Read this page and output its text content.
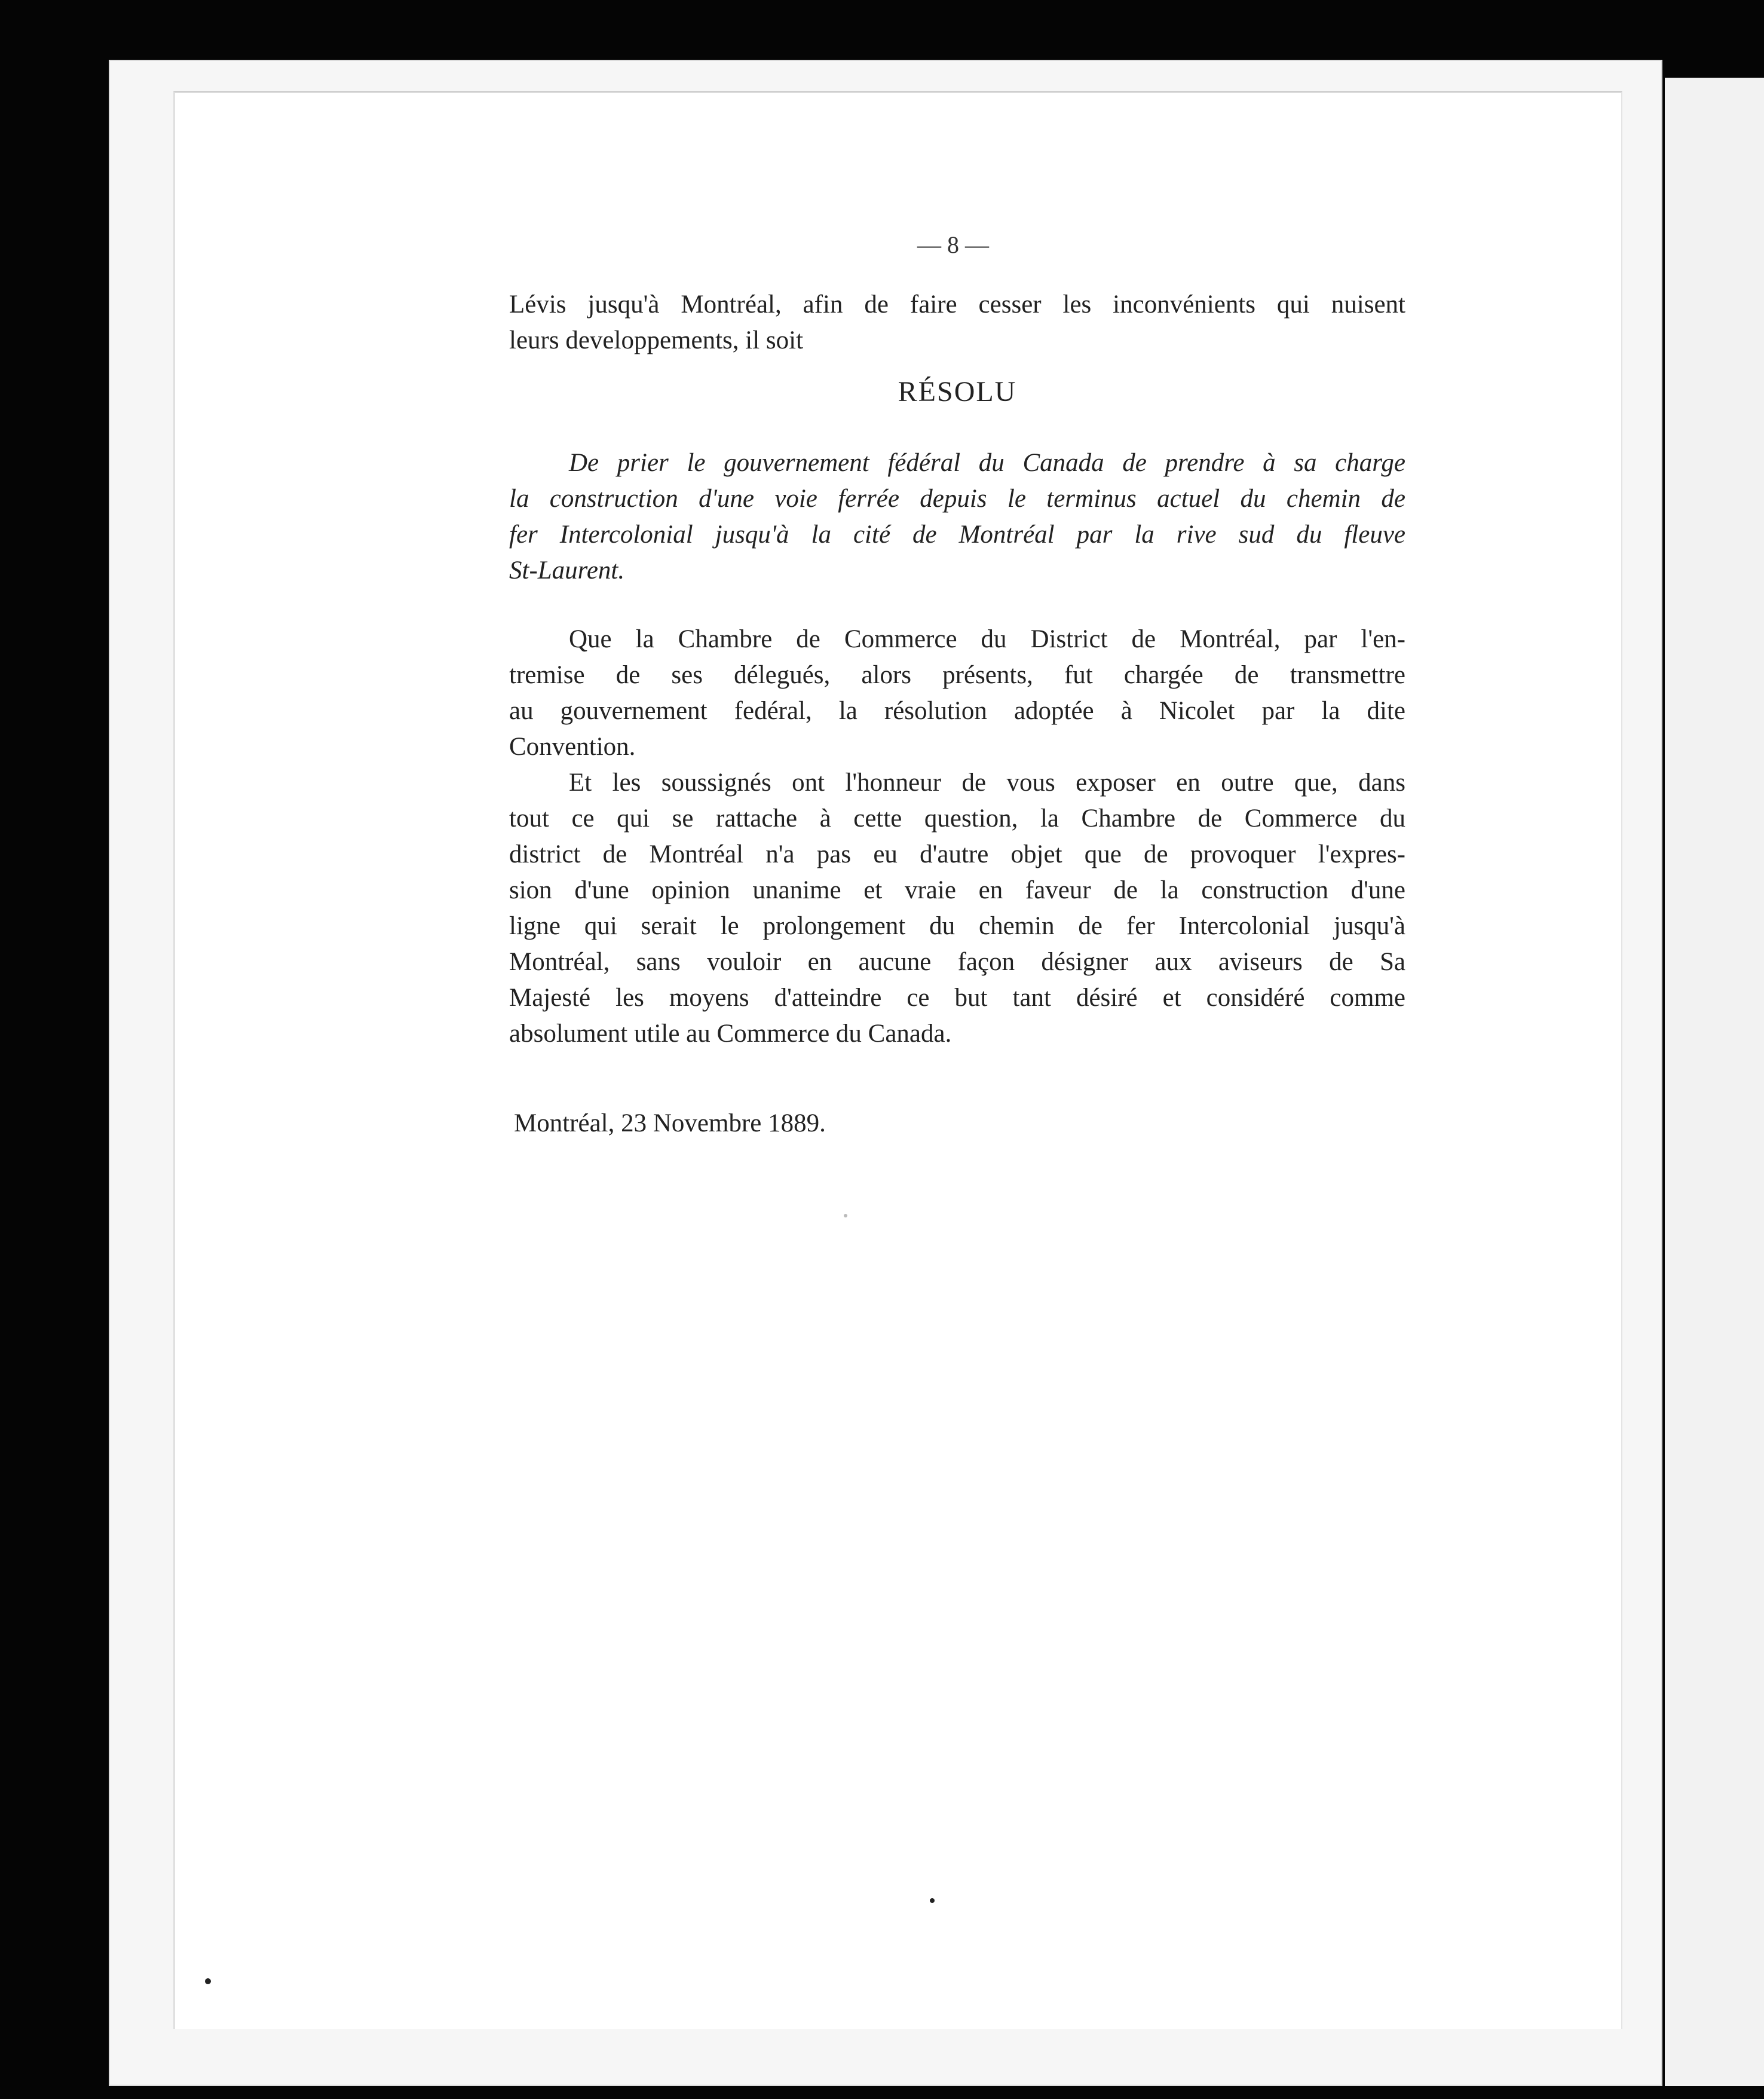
— 8 —
Lévis jusqu'à Montréal, afin de faire cesser les inconvénients qui nuisent
leurs developpements, il soit
RÉSOLU
De prier le gouvernement fédéral du Canada de prendre à sa charge
la construction d'une voie ferrée depuis le terminus actuel du chemin de
fer Intercolonial jusqu'à la cité de Montréal par la rive sud du fleuve
St-Laurent.
Que la Chambre de Commerce du District de Montréal, par l'en-
tremise de ses délegués, alors présents, fut chargée de transmettre
au gouvernement fedéral, la résolution adoptée à Nicolet par la dite
Convention.
Et les soussignés ont l'honneur de vous exposer en outre que, dans
tout ce qui se rattache à cette question, la Chambre de Commerce du
district de Montréal n'a pas eu d'autre objet que de provoquer l'expres-
sion d'une opinion unanime et vraie en faveur de la construction d'une
ligne qui serait le prolongement du chemin de fer Intercolonial jusqu'à
Montréal, sans vouloir en aucune façon désigner aux aviseurs de Sa
Majesté les moyens d'atteindre ce but tant désiré et considéré comme
absolument utile au Commerce du Canada.
Montréal, 23 Novembre 1889.
